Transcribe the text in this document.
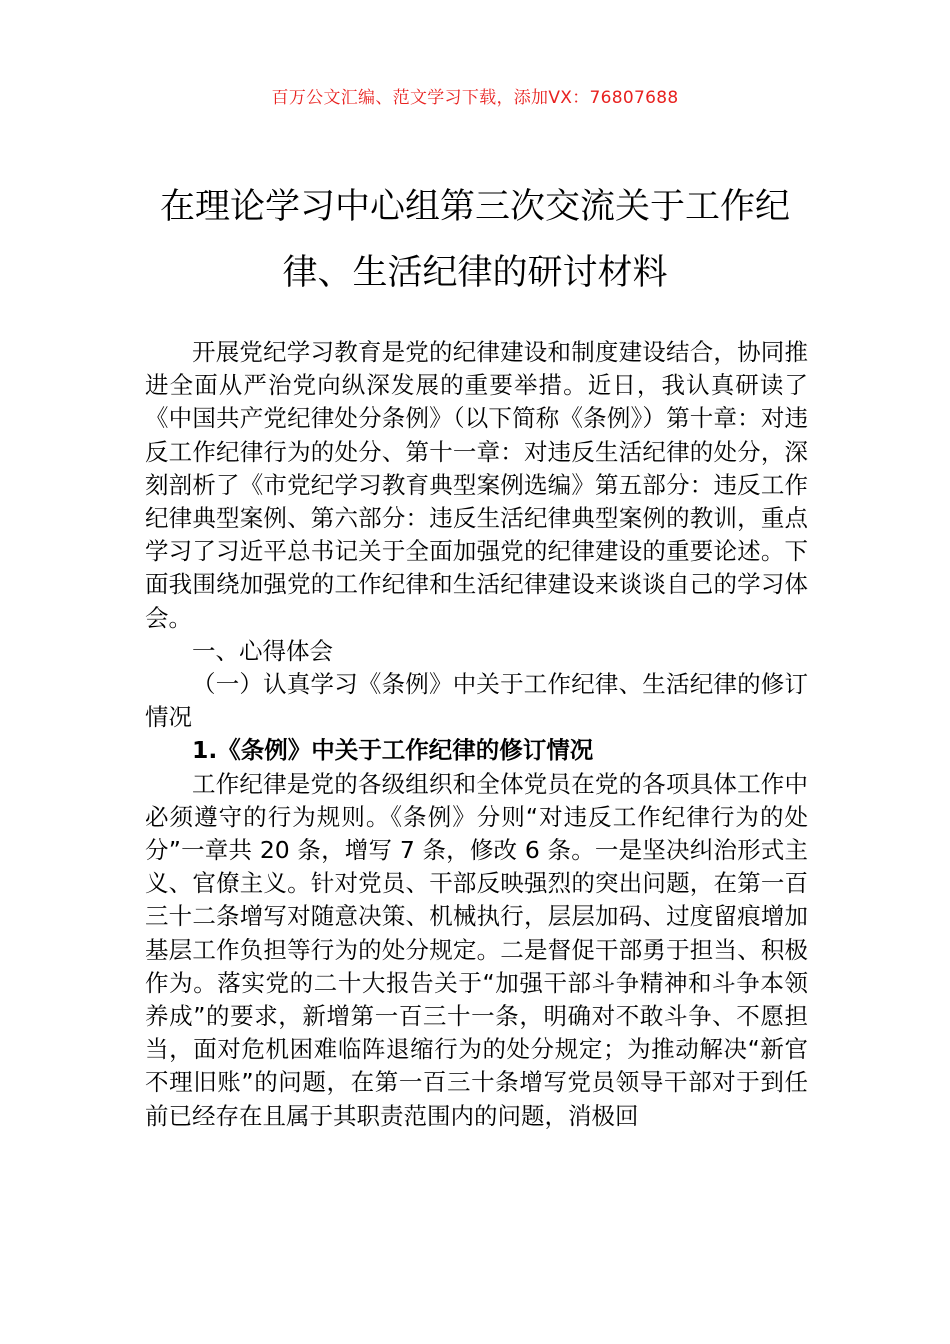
百万公文汇编、范文学习下载，添加VX：76807688
在理论学习中心组第三次交流关于工作纪律、生活纪律的研讨材料

开展党纪学习教育是党的纪律建设和制度建设结合，协同推进全面从严治党向纵深发展的重要举措。近日，我认真研读了《中国共产党纪律处分条例》（以下简称《条例》）第十章：对违反工作纪律行为的处分、第十一章：对违反生活纪律的处分，深刻剖析了《市党纪学习教育典型案例选编》第五部分：违反工作纪律典型案例、第六部分：违反生活纪律典型案例的教训，重点学习了习近平总书记关于全面加强党的纪律建设的重要论述。下面我围绕加强党的工作纪律和生活纪律建设来谈谈自己的学习体会。

一、心得体会

（一）认真学习《条例》中关于工作纪律、生活纪律的修订情况

1.《条例》中关于工作纪律的修订情况

工作纪律是党的各级组织和全体党员在党的各项具体工作中必须遵守的行为规则。《条例》分则“对违反工作纪律行为的处分”一章共 20 条，增写 7 条，修改 6 条。一是坚决纠治形式主义、官僚主义。针对党员、干部反映强烈的突出问题，在第一百三十二条增写对随意决策、机械执行，层层加码、过度留痕增加基层工作负担等行为的处分规定。二是督促干部勇于担当、积极作为。落实党的二十大报告关于“加强干部斗争精神和斗争本领养成”的要求，新增第一百三十一条，明确对不敢斗争、不愿担当，面对危机困难临阵退缩行为的处分规定；为推动解决“新官不理旧账”的问题，在第一百三十条增写党员领导干部对于到任前已经存在且属于其职责范围内的问题，消极回
